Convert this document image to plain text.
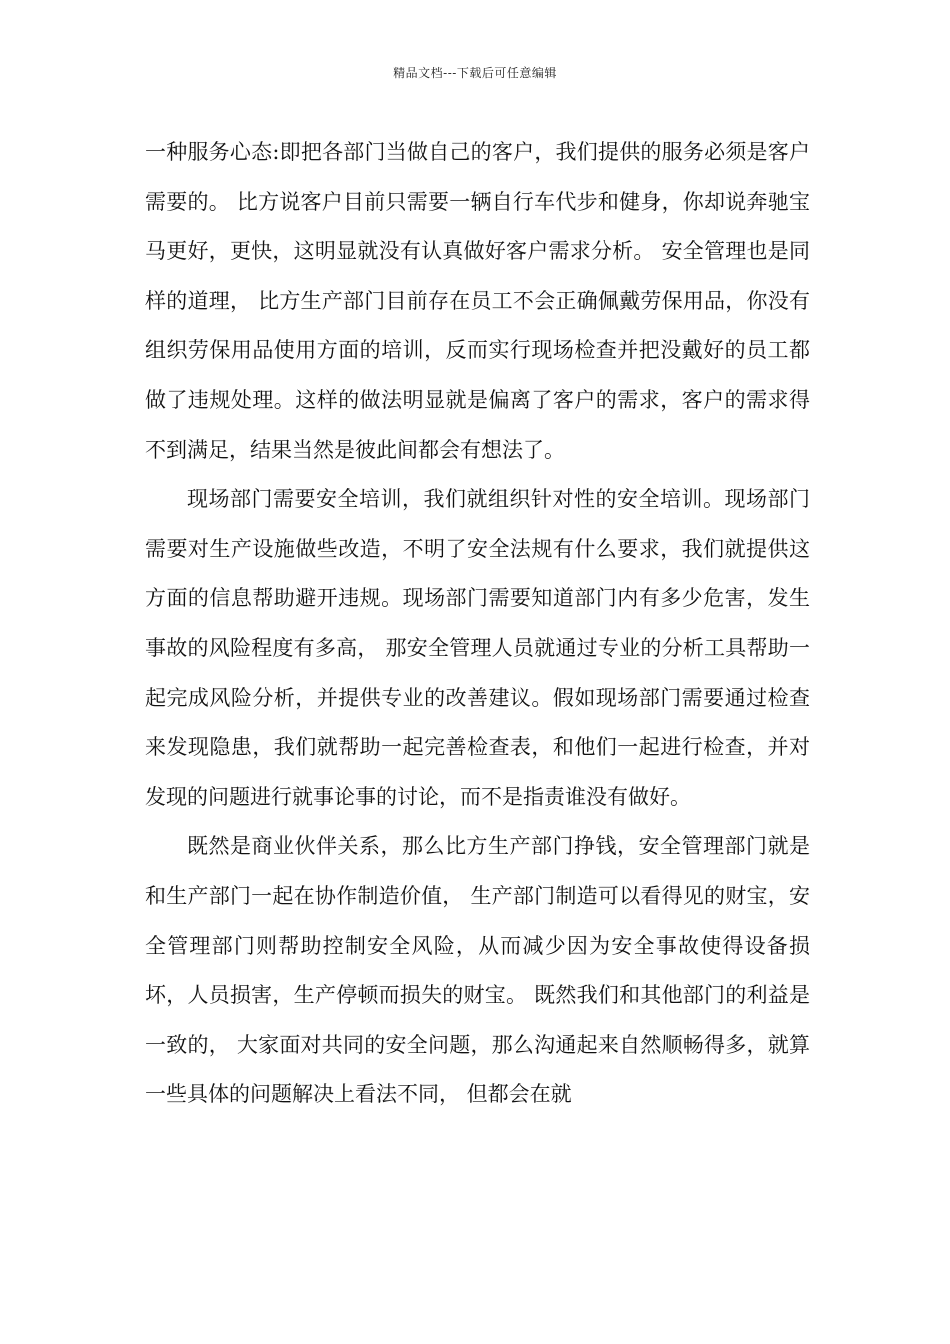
精品文档---下载后可任意编辑

一种服务心态:即把各部门当做自己的客户，我们提供的服务必须是客户需要的。 比方说客户目前只需要一辆自行车代步和健身，你却说奔驰宝马更好，更快，这明显就没有认真做好客户需求分析。 安全管理也是同样的道理， 比方生产部门目前存在员工不会正确佩戴劳保用品，你没有组织劳保用品使用方面的培训，反而实行现场检查并把没戴好的员工都做了违规处理。这样的做法明显就是偏离了客户的需求，客户的需求得不到满足，结果当然是彼此间都会有想法了。

现场部门需要安全培训，我们就组织针对性的安全培训。现场部门需要对生产设施做些改造，不明了安全法规有什么要求，我们就提供这方面的信息帮助避开违规。现场部门需要知道部门内有多少危害，发生事故的风险程度有多高， 那安全管理人员就通过专业的分析工具帮助一起完成风险分析，并提供专业的改善建议。假如现场部门需要通过检查来发现隐患，我们就帮助一起完善检查表，和他们一起进行检查，并对发现的问题进行就事论事的讨论，而不是指责谁没有做好。

既然是商业伙伴关系，那么比方生产部门挣钱，安全管理部门就是和生产部门一起在协作制造价值， 生产部门制造可以看得见的财宝，安全管理部门则帮助控制安全风险，从而减少因为安全事故使得设备损坏，人员损害，生产停顿而损失的财宝。 既然我们和其他部门的利益是一致的， 大家面对共同的安全问题，那么沟通起来自然顺畅得多，就算一些具体的问题解决上看法不同， 但都会在就
